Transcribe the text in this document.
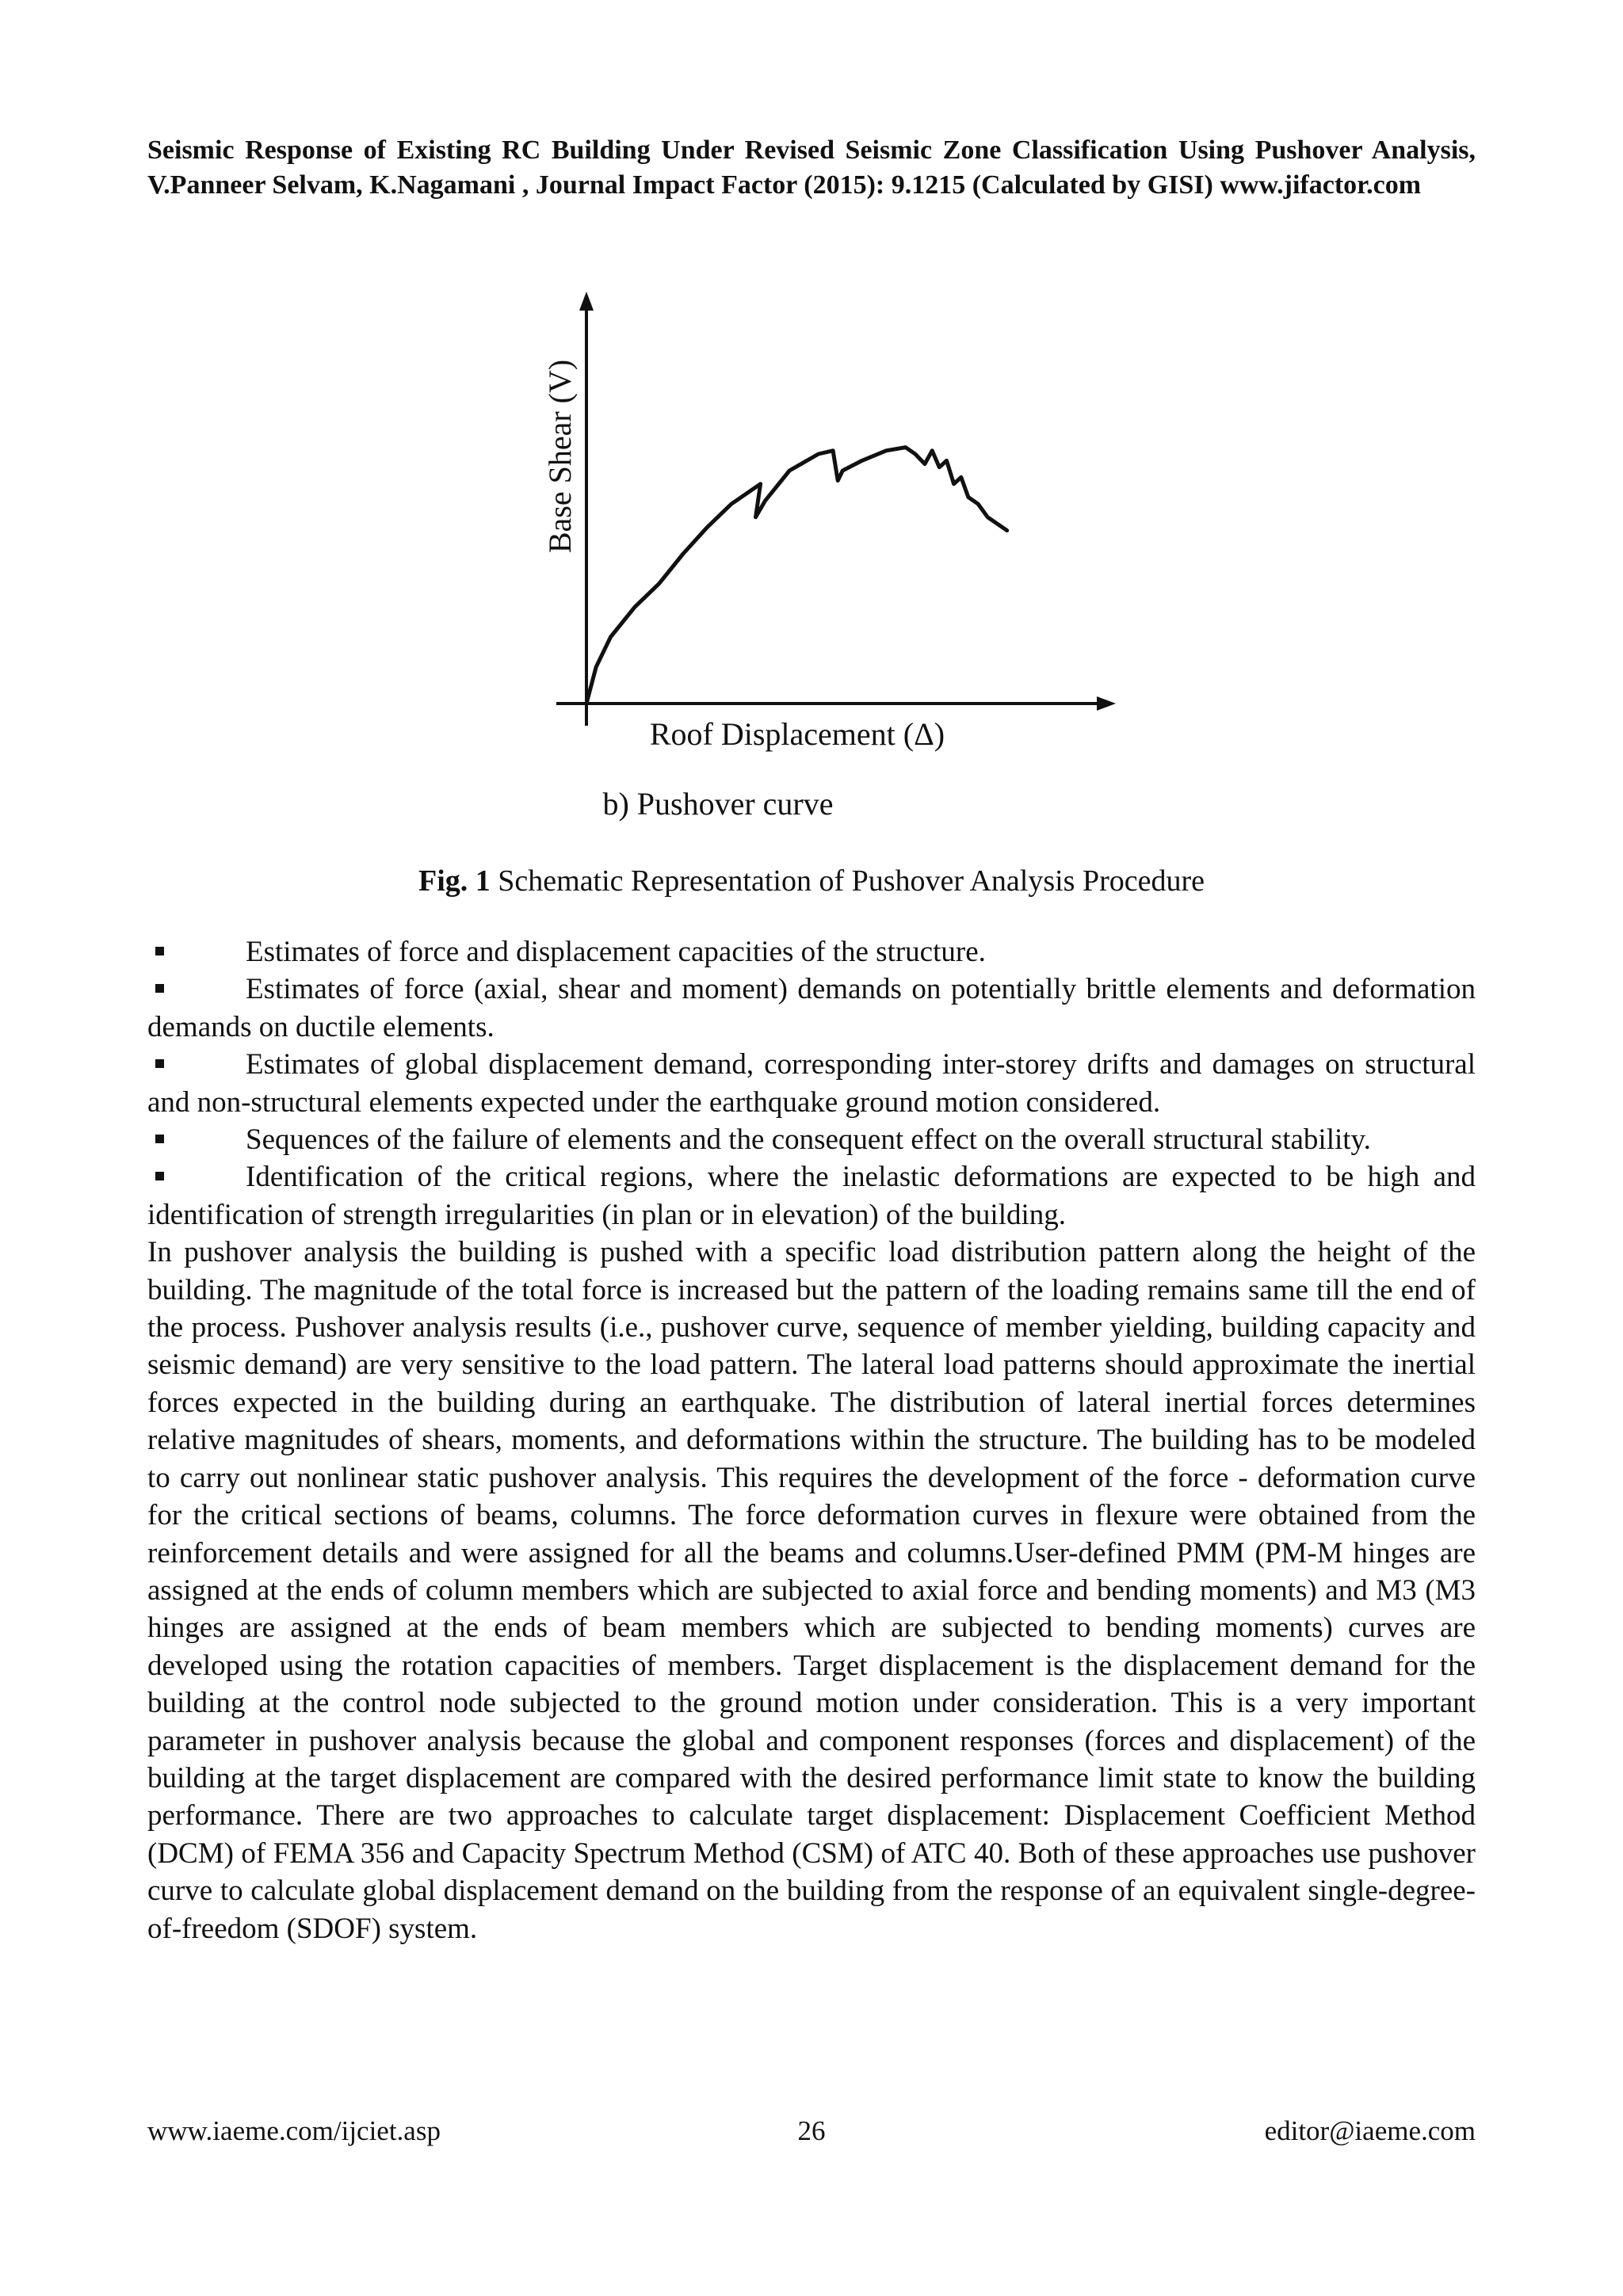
Seismic Response of Existing RC Building Under Revised Seismic Zone Classification Using Pushover Analysis, V.Panneer Selvam, K.Nagamani , Journal Impact Factor (2015): 9.1215 (Calculated by GISI) www.jifactor.com

Base Shear (V)
Roof Displacement (Δ)
b) Pushover curve

Fig. 1 Schematic Representation of Pushover Analysis Procedure

Estimates of force and displacement capacities of the structure.

Estimates of force (axial, shear and moment) demands on potentially brittle elements and deformation demands on ductile elements.

Estimates of global displacement demand, corresponding inter-storey drifts and damages on structural and non-structural elements expected under the earthquake ground motion considered.

Sequences of the failure of elements and the consequent effect on the overall structural stability.

Identification of the critical regions, where the inelastic deformations are expected to be high and identification of strength irregularities (in plan or in elevation) of the building.

In pushover analysis the building is pushed with a specific load distribution pattern along the height of the building. The magnitude of the total force is increased but the pattern of the loading remains same till the end of the process. Pushover analysis results (i.e., pushover curve, sequence of member yielding, building capacity and seismic demand) are very sensitive to the load pattern. The lateral load patterns should approximate the inertial forces expected in the building during an earthquake. The distribution of lateral inertial forces determines relative magnitudes of shears, moments, and deformations within the structure. The building has to be modeled to carry out nonlinear static pushover analysis. This requires the development of the force - deformation curve for the critical sections of beams, columns. The force deformation curves in flexure were obtained from the reinforcement details and were assigned for all the beams and columns.User-defined PMM (PM-M hinges are assigned at the ends of column members which are subjected to axial force and bending moments) and M3 (M3 hinges are assigned at the ends of beam members which are subjected to bending moments) curves are developed using the rotation capacities of members. Target displacement is the displacement demand for the building at the control node subjected to the ground motion under consideration. This is a very important parameter in pushover analysis because the global and component responses (forces and displacement) of the building at the target displacement are compared with the desired performance limit state to know the building performance. There are two approaches to calculate target displacement: Displacement Coefficient Method (DCM) of FEMA 356 and Capacity Spectrum Method (CSM) of ATC 40. Both of these approaches use pushover curve to calculate global displacement demand on the building from the response of an equivalent single-degree-of-freedom (SDOF) system.

www.iaeme.com/ijciet.asp	26	editor@iaeme.com
